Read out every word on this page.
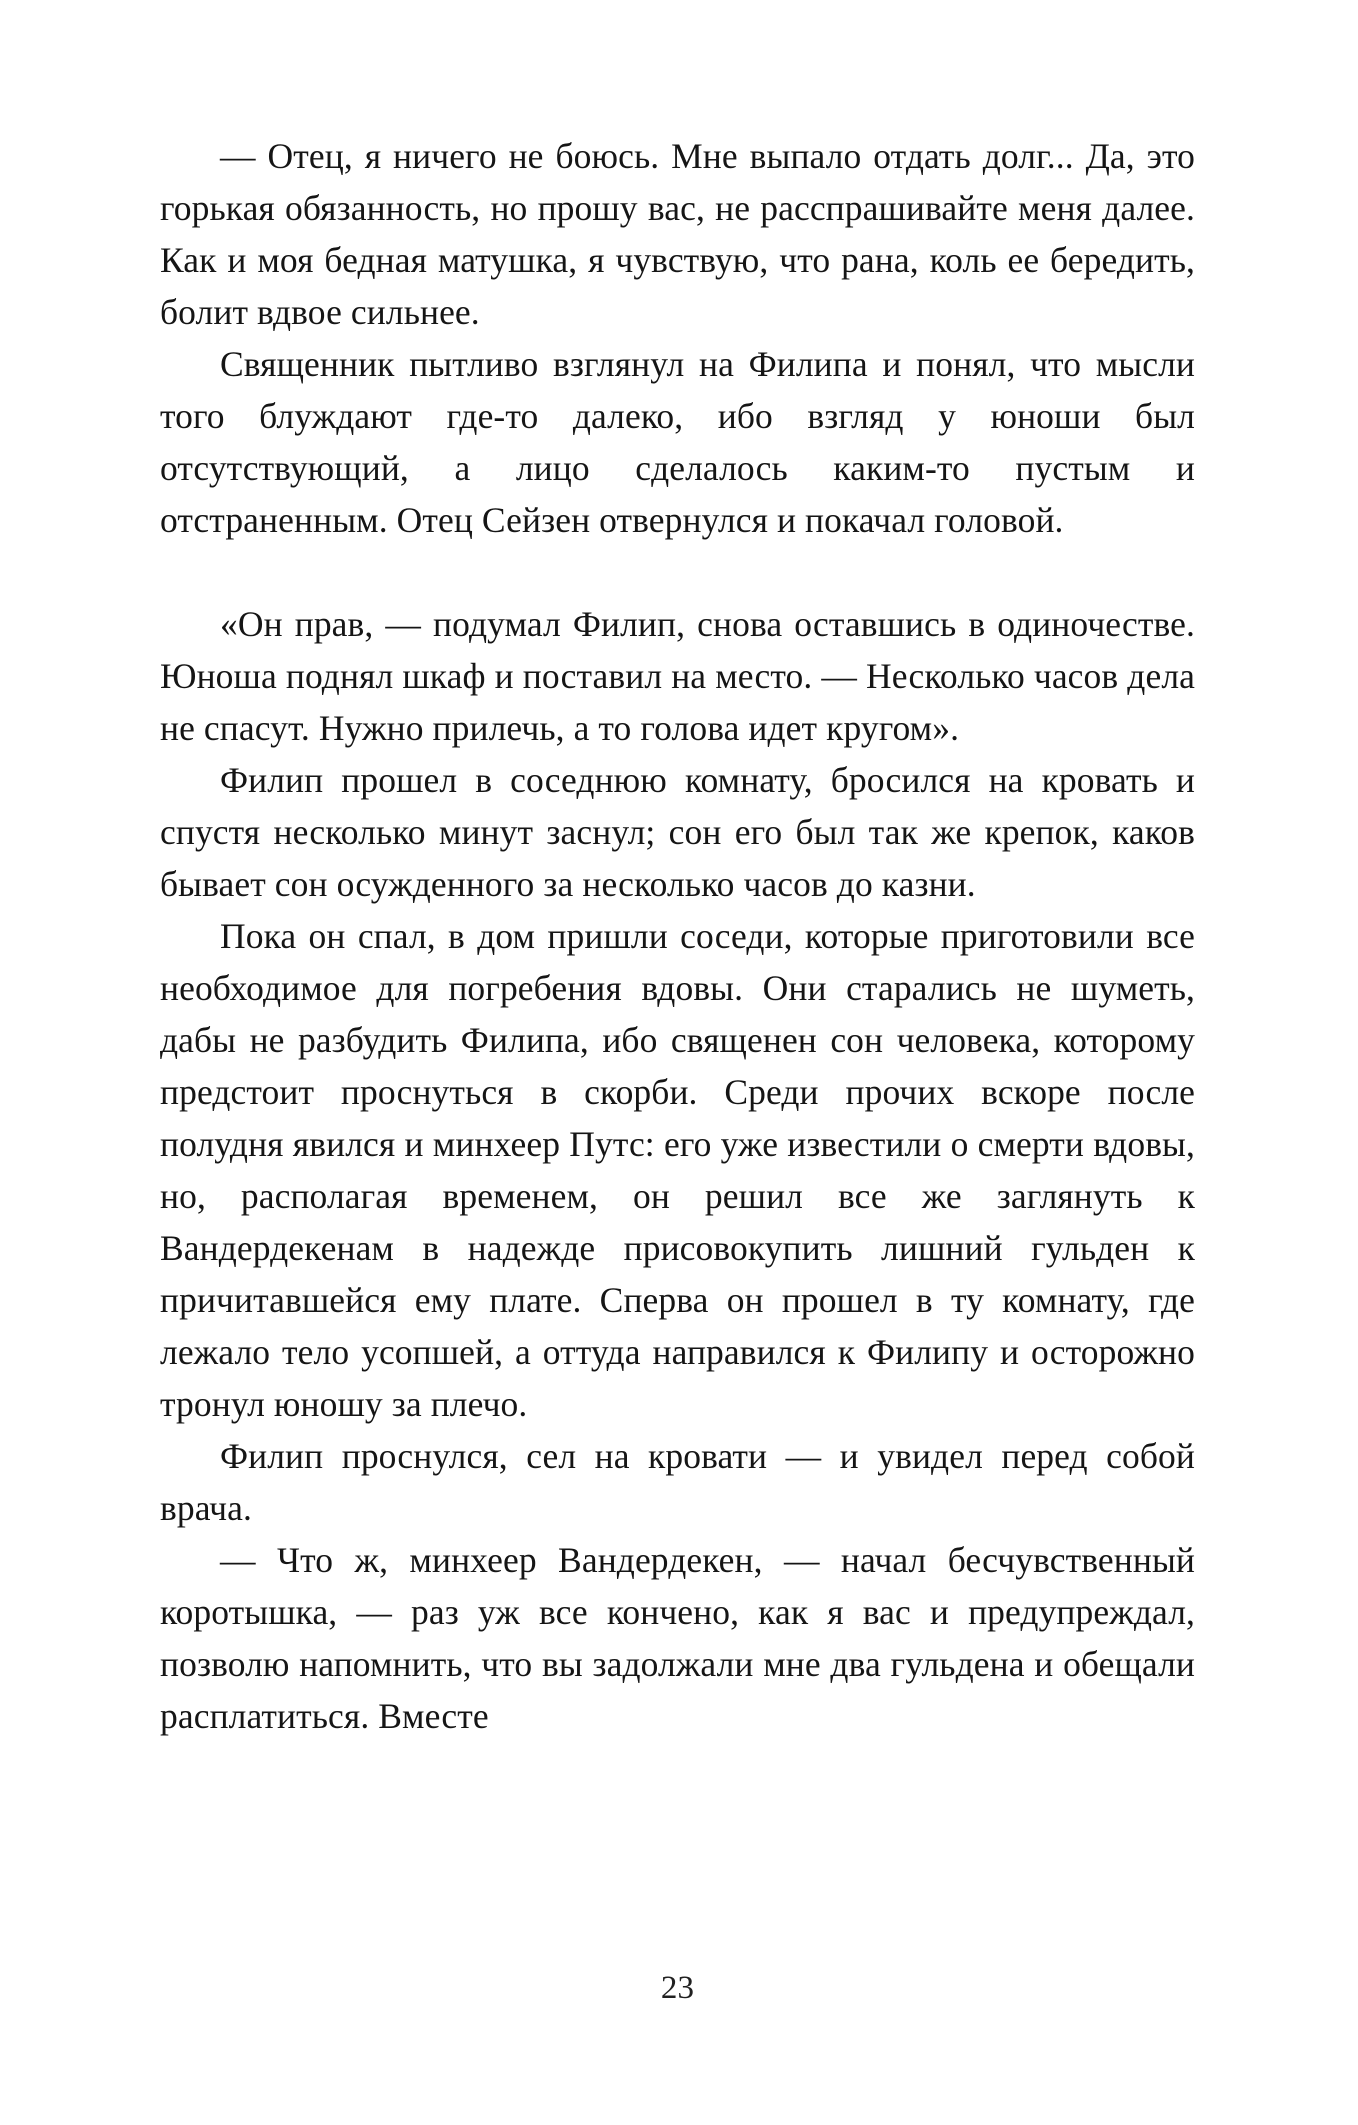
— Отец, я ничего не боюсь. Мне выпало отдать долг... Да, это горькая обязанность, но прошу вас, не расспрашивайте меня далее. Как и моя бедная матушка, я чувствую, что рана, коль ее бередить, болит вдвое сильнее.

Священник пытливо взглянул на Филипа и понял, что мысли того блуждают где-то далеко, ибо взгляд у юноши был отсутствующий, а лицо сделалось каким-то пустым и отстраненным. Отец Сейзен отвернулся и покачал головой.

«Он прав, — подумал Филип, снова оставшись в одиночестве. Юноша поднял шкаф и поставил на место. — Несколько часов дела не спасут. Нужно прилечь, а то голова идет кругом».

Филип прошел в соседнюю комнату, бросился на кровать и спустя несколько минут заснул; сон его был так же крепок, каков бывает сон осужденного за несколько часов до казни.

Пока он спал, в дом пришли соседи, которые приготовили все необходимое для погребения вдовы. Они старались не шуметь, дабы не разбудить Филипа, ибо священен сон человека, которому предстоит проснуться в скорби. Среди прочих вскоре после полудня явился и минхеер Путс: его уже известили о смерти вдовы, но, располагая временем, он решил все же заглянуть к Вандердекенам в надежде присовокупить лишний гульден к причитавшейся ему плате. Сперва он прошел в ту комнату, где лежало тело усопшей, а оттуда направился к Филипу и осторожно тронул юношу за плечо.

Филип проснулся, сел на кровати — и увидел перед собой врача.

— Что ж, минхеер Вандердекен, — начал бесчувственный коротышка, — раз уж все кончено, как я вас и предупреждал, позволю напомнить, что вы задолжали мне два гульдена и обещали расплатиться. Вместе

23
